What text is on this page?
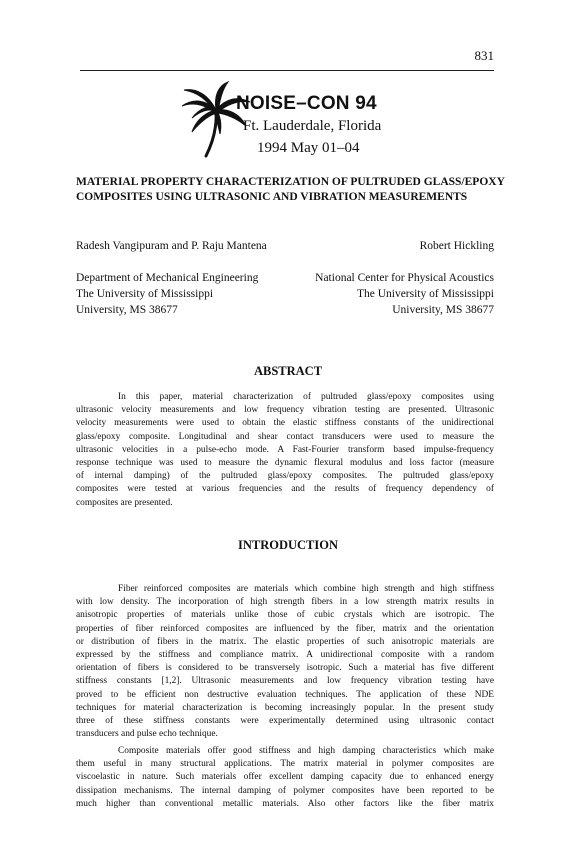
831
NOISE–CON 94
Ft. Lauderdale, Florida
1994 May 01–04
MATERIAL PROPERTY CHARACTERIZATION OF PULTRUDED GLASS/EPOXY
COMPOSITES USING ULTRASONIC AND VIBRATION MEASUREMENTS
Radesh Vangipuram and P. Raju Mantena	Robert Hickling
Department of Mechanical Engineering
The University of Mississippi
University, MS 38677
National Center for Physical Acoustics
The University of Mississippi
University, MS 38677
ABSTRACT
In this paper, material characterization of pultruded glass/epoxy composites using
ultrasonic velocity measurements and low frequency vibration testing are presented. Ultrasonic
velocity measurements were used to obtain the elastic stiffness constants of the unidirectional
glass/epoxy composite. Longitudinal and shear contact transducers were used to measure the
ultrasonic velocities in a pulse-echo mode. A Fast-Fourier transform based impulse-frequency
response technique was used to measure the dynamic flexural modulus and loss factor (measure
of internal damping) of the pultruded glass/epoxy composites. The pultruded glass/epoxy
composites were tested at various frequencies and the results of frequency dependency of
composites are presented.
INTRODUCTION
Fiber reinforced composites are materials which combine high strength and high stiffness
with low density. The incorporation of high strength fibers in a low strength matrix results in
anisotropic properties of materials unlike those of cubic crystals which are isotropic. The
properties of fiber reinforced composites are influenced by the fiber, matrix and the orientation
or distribution of fibers in the matrix. The elastic properties of such anisotropic materials are
expressed by the stiffness and compliance matrix. A unidirectional composite with a random
orientation of fibers is considered to be transversely isotropic. Such a material has five different
stiffness constants [1,2]. Ultrasonic measurements and low frequency vibration testing have
proved to be efficient non destructive evaluation techniques. The application of these NDE
techniques for material characterization is becoming increasingly popular. In the present study
three of these stiffness constants were experimentally determined using ultrasonic contact
transducers and pulse echo technique.
Composite materials offer good stiffness and high damping characteristics which make
them useful in many structural applications. The matrix material in polymer composites are
viscoelastic in nature. Such materials offer excellent damping capacity due to enhanced energy
dissipation mechanisms. The internal damping of polymer composites have been reported to be
much higher than conventional metallic materials. Also other factors like the fiber matrix
